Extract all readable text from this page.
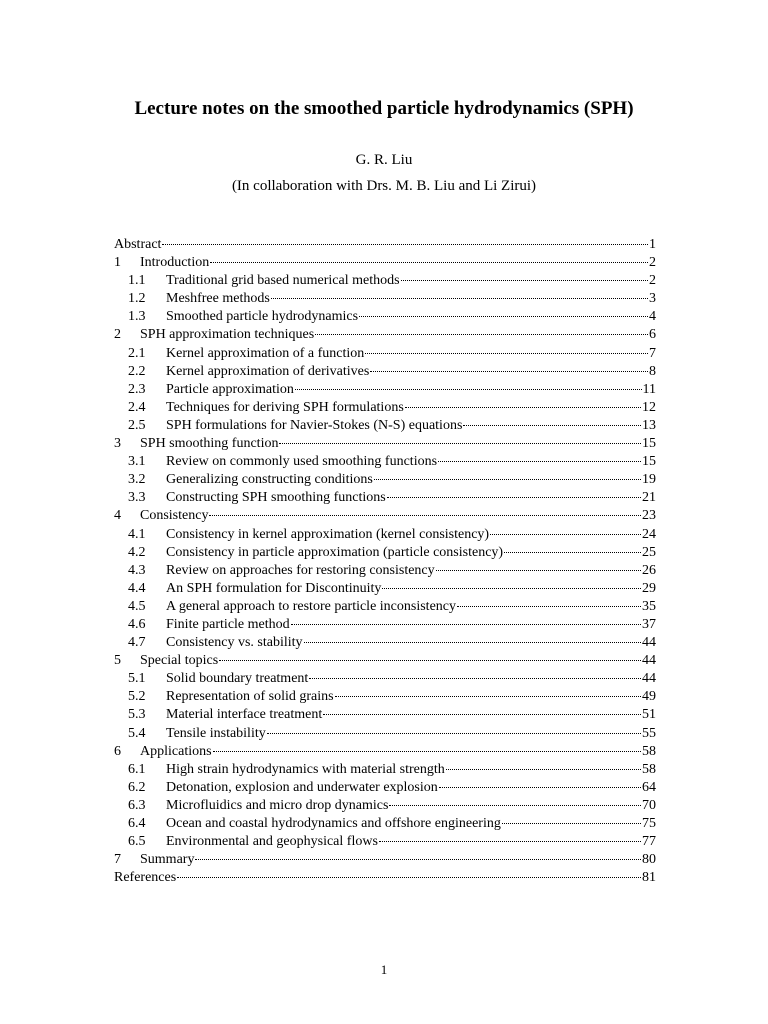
Lecture notes on the smoothed particle hydrodynamics (SPH)
G. R. Liu
(In collaboration with Drs. M. B. Liu and Li Zirui)
Abstract	1
1	Introduction	2
1.1	Traditional grid based numerical methods	2
1.2	Meshfree methods	3
1.3	Smoothed particle hydrodynamics	4
2	SPH approximation techniques	6
2.1	Kernel approximation of a function	7
2.2	Kernel approximation of derivatives	8
2.3	Particle approximation	11
2.4	Techniques for deriving SPH formulations	12
2.5	SPH formulations for Navier-Stokes (N-S) equations	13
3	SPH smoothing function	15
3.1	Review on commonly used smoothing functions	15
3.2	Generalizing constructing conditions	19
3.3	Constructing SPH smoothing functions	21
4	Consistency	23
4.1	Consistency in kernel approximation (kernel consistency)	24
4.2	Consistency in particle approximation (particle consistency)	25
4.3	Review on approaches for restoring consistency	26
4.4	An SPH formulation for Discontinuity	29
4.5	A general approach to restore particle inconsistency	35
4.6	Finite particle method	37
4.7	Consistency vs. stability	44
5	Special topics	44
5.1	Solid boundary treatment	44
5.2	Representation of solid grains	49
5.3	Material interface treatment	51
5.4	Tensile instability	55
6	Applications	58
6.1	High strain hydrodynamics with material strength	58
6.2	Detonation, explosion and underwater explosion	64
6.3	Microfluidics and micro drop dynamics	70
6.4	Ocean and coastal hydrodynamics and offshore engineering	75
6.5	Environmental and geophysical flows	77
7	Summary	80
References	81
1
